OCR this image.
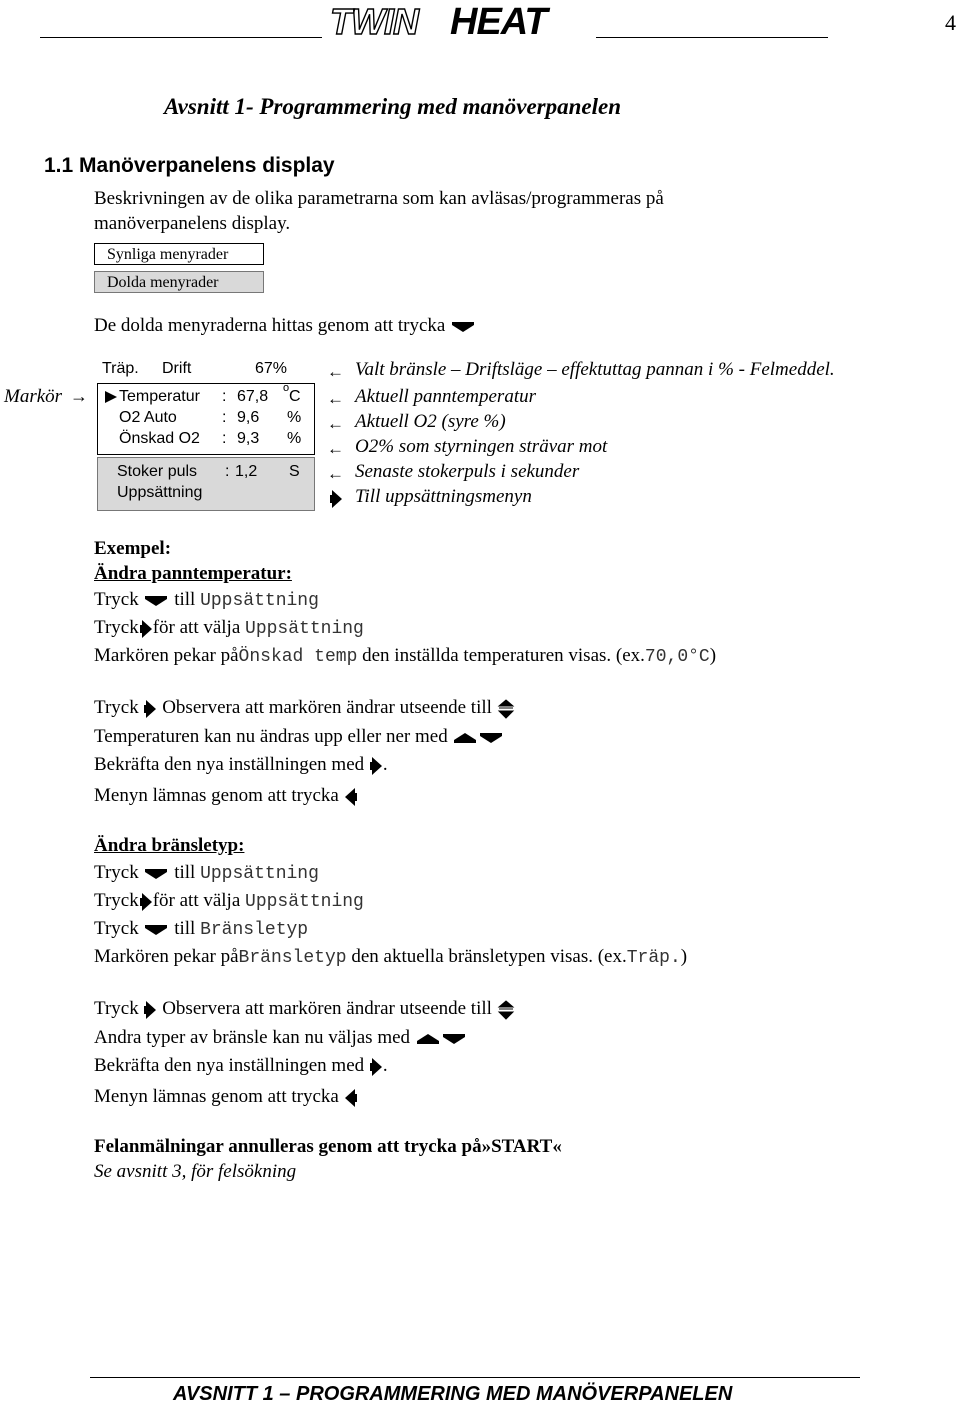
TWIN HEAT	4
Avsnitt 1- Programmering med manöverpanelen
1.1 Manöverpanelens display
Beskrivningen av de olika parametrarna som kan avläsas/programmeras på
manöverpanelens display.
Synliga menyrader
Dolda menyrader
De dolda menyraderna hittas genom att trycka
Markör →
Träp. Drift	67%
Temperatur : 67,8 o C
O2 Auto	: 9,6 %
Önskad O2 : 9,3 %
Stoker puls : 1,2 S
Uppsättning
← Valt bränsle – Driftsläge – effektuttag pannan i % - Felmeddel.
← Aktuell panntemperatur
← Aktuell O2 (syre %)
← O2% som styrningen strävar mot
← Senaste stokerpuls i sekunder
Till uppsättningsmenyn
Exempel:
Ändra panntemperatur:
Tryck till Uppsättning
Tryck för att välja Uppsättning
Markören pekar påÖnskad temp den inställda temperaturen visas. (ex.70,0°C)
Tryck Observera att markören ändrar utseende till
Temperaturen kan nu ändras upp eller ner med
Bekräfta den nya inställningen med .
Menyn lämnas genom att trycka
Ändra bränsletyp:
Tryck till Uppsättning
Tryck för att välja Uppsättning
Tryck till Bränsletyp
Markören pekar påBränsletyp den aktuella bränsletypen visas. (ex.Träp.)
Tryck Observera att markören ändrar utseende till
Andra typer av bränsle kan nu väljas med
Bekräfta den nya inställningen med .
Menyn lämnas genom att trycka
Felanmälningar annulleras genom att trycka på»START«
Se avsnitt 3, för felsökning
AVSNITT 1 – PROGRAMMERING MED MANÖVERPANELEN
